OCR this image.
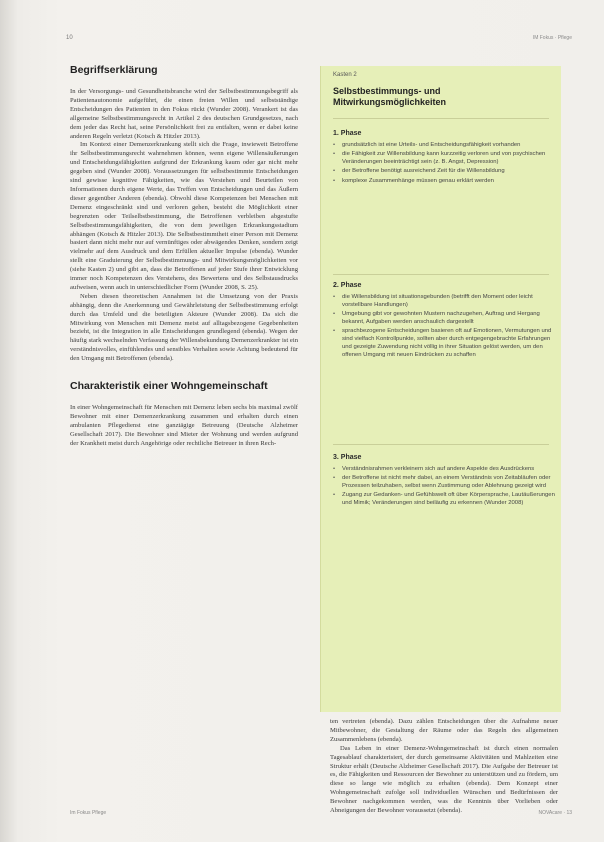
10	IM Fokus · Pflege
Begriffserklärung

In der Versorgungs- und Gesundheitsbranche wird der Selbstbestimmungsbegriff als Patientenautonomie aufgeführt, die einen freien Willen und selbstständige Entscheidungen des Patienten in den Fokus rückt (Wunder 2008). Verankert ist das allgemeine Selbstbestimmungsrecht in Artikel 2 des deutschen Grundgesetzes, nach dem jeder das Recht hat, seine Persönlichkeit frei zu entfalten, wenn er dabei keine anderen Regeln verletzt (Kotsch & Hitzler 2013).

Im Kontext einer Demenzerkrankung stellt sich die Frage, inwieweit Betroffene ihr Selbstbestimmungsrecht wahrnehmen können, wenn eigene Willensäußerungen und Entscheidungsfähigkeiten aufgrund der Erkrankung kaum oder gar nicht mehr gegeben sind (Wunder 2008). Voraussetzungen für selbstbestimmte Entscheidungen sind gewisse kognitive Fähigkeiten, wie das Verstehen und Beurteilen von Informationen durch eigene Werte, das Treffen von Entscheidungen und das Äußern dieser gegenüber Anderen (ebenda). Obwohl diese Kompetenzen bei Menschen mit Demenz eingeschränkt sind und verloren gehen, besteht die Möglichkeit einer begrenzten oder Teilselbstbestimmung, die Betroffenen verbleiben abgestufte Selbstbestimmungsfähigkeiten, die von dem jeweiligen Erkrankungsstadium abhängen (Kotsch & Hitzler 2013). Die Selbstbestimmtheit einer Person mit Demenz basiert dann nicht mehr nur auf vernünftiges oder abwägendes Denken, sondern zeigt vielmehr auf dem Ausdruck und dem Erfüllen aktueller Impulse (ebenda). Wunder stellt eine Graduierung der Selbstbestimmungs- und Mitwirkungsmöglichkeiten vor (siehe Kasten 2) und gibt an, dass die Betroffenen auf jeder Stufe ihrer Entwicklung immer noch Kompetenzen des Verstehens, des Bewertens und des Selbstausdrucks aufweisen, wenn auch in unterschiedlicher Form (Wunder 2008, S. 25).

Neben diesen theoretischen Annahmen ist die Umsetzung von der Praxis abhängig, denn die Anerkennung und Gewährleistung der Selbstbestimmung erfolgt durch das Umfeld und die beteiligten Akteure (Wunder 2008). Da sich die Mitwirkung von Menschen mit Demenz meist auf alltagsbezogene Gegebenheiten bezieht, ist die Integration in alle Entscheidungen grundlegend (ebenda). Wegen der häufig stark wechselnden Verfassung der Willensbekundung Demenzerkrankter ist ein verständnisvolles, einfühlendes und sensibles Verhalten sowie Achtung bedeutend für den Umgang mit Betroffenen (ebenda).

Charakteristik einer Wohngemeinschaft

In einer Wohngemeinschaft für Menschen mit Demenz leben sechs bis maximal zwölf Bewohner mit einer Demenzerkrankung zusammen und erhalten durch einen ambulanten Pflegedienst eine ganztägige Betreuung (Deutsche Alzheimer Gesellschaft 2017). Die Bewohner sind Mieter der Wohnung und werden aufgrund der Krankheit meist durch Angehörige oder rechtliche Betreuer in ihren Rech-

Kasten 2
Selbstbestimmungs- und Mitwirkungsmöglichkeiten
1. Phase
• grundsätzlich ist eine Urteils- und Entscheidungsfähigkeit vorhanden
• die Fähigkeit zur Willensbildung kann kurzzeitig verloren und von psychischen Veränderungen beeinträchtigt sein (z. B. Angst, Depression)
• der Betroffene benötigt ausreichend Zeit für die Willensbildung
• komplexe Zusammenhänge müssen genau erklärt werden
2. Phase
• die Willensbildung ist situationsgebunden (betrifft den Moment oder leicht vorstellbare Handlungen)
• Umgebung gibt vor gewohnten Mustern nachzugehen, Auftrag und Hergang bekannt, Aufgaben werden anschaulich dargestellt
• sprachbezogene Entscheidungen basieren oft auf Emotionen, Vermutungen und sind vielfach Kontrollpunkte, sollten aber durch entgegengebrachte Erfahrungen und gezeigte Zuwendung nicht völlig in ihrer Situation gelöst werden, um den offenen Umgang mit neuen Eindrücken zu schaffen
3. Phase
• Verständnisrahmen verkleinern sich auf andere Aspekte des Ausdrückens
• der Betroffene ist nicht mehr dabei, an einem Verständnis von Zeitabläufen oder Prozessen teilzuhaben, selbst wenn Zustimmung oder Ablehnung gezeigt wird
• Zugang zur Gedanken- und Gefühlswelt oft über Körpersprache, Lautäußerungen und Mimik; Veränderungen sind beiläufig zu erkennen (Wunder 2008)

ten vertreten (ebenda). Dazu zählen Entscheidungen über die Aufnahme neuer Mitbewohner, die Gestaltung der Räume oder das Regeln des allgemeinen Zusammenlebens (ebenda).

Das Leben in einer Demenz-Wohngemeinschaft ist durch einen normalen Tagesablauf charakterisiert, der durch gemeinsame Aktivitäten und Mahlzeiten eine Struktur erhält (Deutsche Alzheimer Gesellschaft 2017). Die Aufgabe der Betreuer ist es, die Fähigkeiten und Ressourcen der Bewohner zu unterstützen und zu fördern, um diese so lange wie möglich zu erhalten (ebenda). Dem Konzept einer Wohngemeinschaft zufolge soll individuellen Wünschen und Bedürfnissen der Bewohner nachgekommen werden, was die Kenntnis über Vorlieben oder Abneigungen der Bewohner voraussetzt (ebenda).

Im Fokus Pflege	NOVAcare · 13
